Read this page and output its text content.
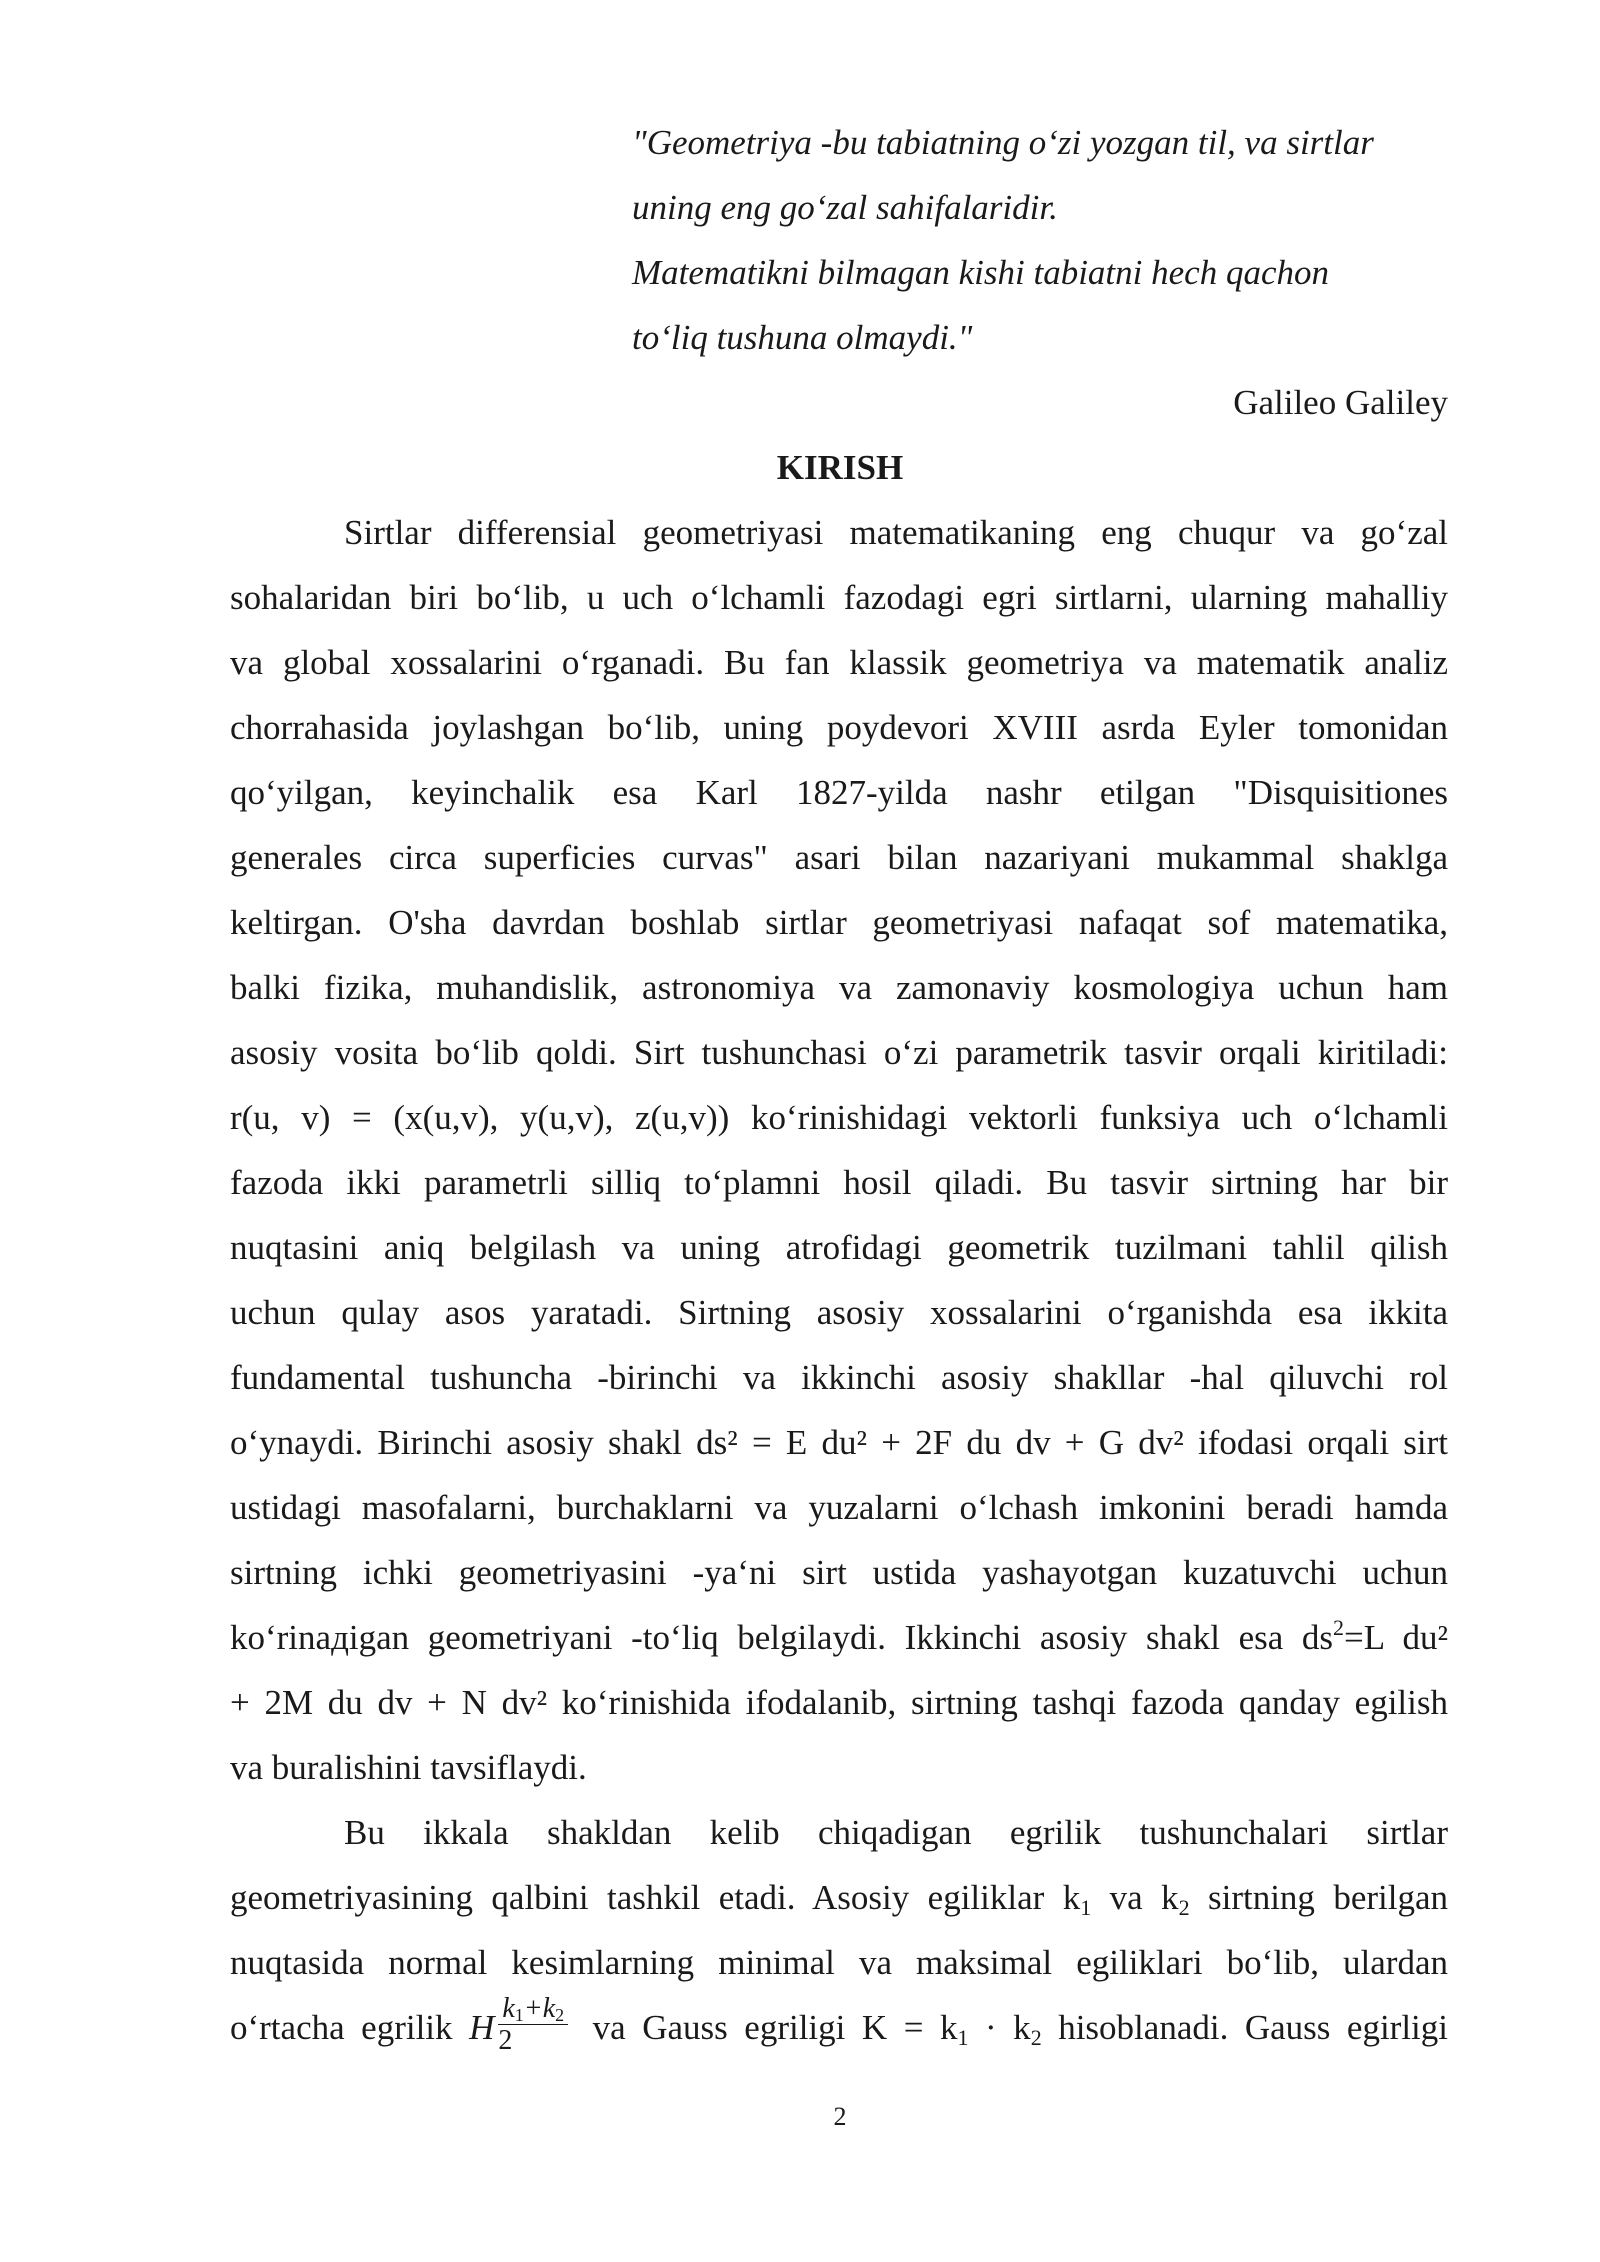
"Geometriya -bu tabiatning o‘zi yozgan til, va sirtlar
uning eng go‘zal sahifalaridir.
Matematikni bilmagan kishi tabiatni hech qachon
to‘liq tushuna olmaydi."
Galileo Galiley
KIRISH
Sirtlar differensial geometriyasi matematikaning eng chuqur va go‘zal
sohalaridan biri bo‘lib, u uch o‘lchamli fazodagi egri sirtlarni, ularning mahalliy
va global xossalarini o‘rganadi. Bu fan klassik geometriya va matematik analiz
chorrahasida joylashgan bo‘lib, uning poydevori XVIII asrda Eyler tomonidan
qo‘yilgan, keyinchalik esa Karl 1827-yilda nashr etilgan "Disquisitiones
generales circa superficies curvas" asari bilan nazariyani mukammal shaklga
keltirgan. O'sha davrdan boshlab sirtlar geometriyasi nafaqat sof matematika,
balki fizika, muhandislik, astronomiya va zamonaviy kosmologiya uchun ham
asosiy vosita bo‘lib qoldi. Sirt tushunchasi o‘zi parametrik tasvir orqali kiritiladi:
r(u, v) = (x(u,v), y(u,v), z(u,v)) ko‘rinishidagi vektorli funksiya uch o‘lchamli
fazoda ikki parametrli silliq to‘plamni hosil qiladi. Bu tasvir sirtning har bir
nuqtasini aniq belgilash va uning atrofidagi geometrik tuzilmani tahlil qilish
uchun qulay asos yaratadi. Sirtning asosiy xossalarini o‘rganishda esa ikkita
fundamental tushuncha -birinchi va ikkinchi asosiy shakllar -hal qiluvchi rol
o‘ynaydi. Birinchi asosiy shakl ds² = E du² + 2F du dv + G dv² ifodasi orqali sirt
ustidagi masofalarni, burchaklarni va yuzalarni o‘lchash imkonini beradi hamda
sirtning ichki geometriyasini -ya‘ni sirt ustida yashayotgan kuzatuvchi uchun
ko‘rinадigan geometriyani -to‘liq belgilaydi. Ikkinchi asosiy shakl esa $ds^2=L$ du²
+ 2M du dv + N dv² ko‘rinishida ifodalanib, sirtning tashqi fazoda qanday egilish
va buralishini tavsiflaydi.
Bu ikkala shakldan kelib chiqadigan egrilik tushunchalari sirtlar
geometriyasining qalbini tashkil etadi. Asosiy egiliklar $k_1$ va $k_2$ sirtning berilgan
nuqtasida normal kesimlarning minimal va maksimal egiliklari bo‘lib, ulardan
o‘rtacha egrilik H $\frac{k_1+k_2}{2}$ va Gauss egriligi $K = k_1 \cdot k_2$ hisoblanadi. Gauss egirligi
2
